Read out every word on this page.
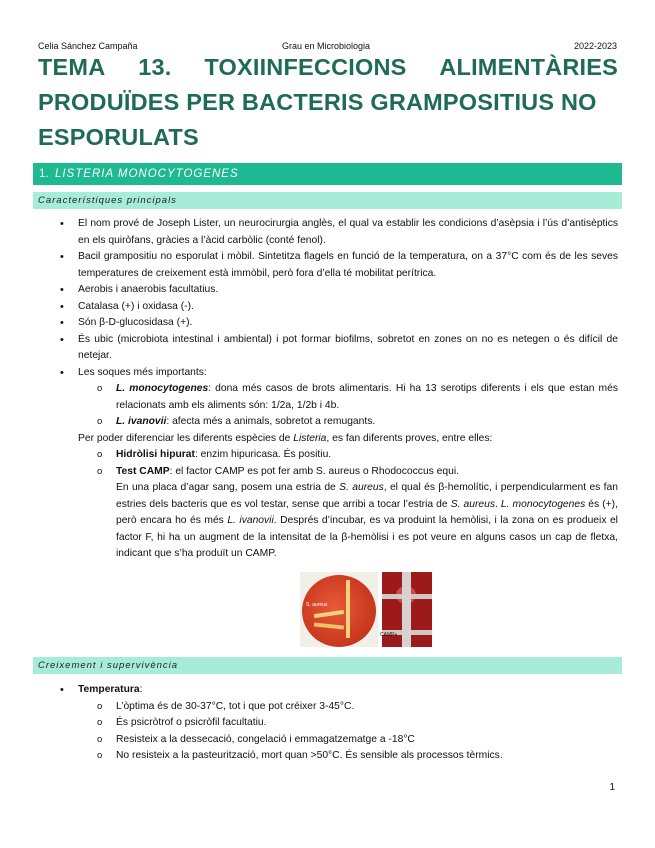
Celia Sánchez Campaña	Grau en Microbiologia	2022-2023
TEMA 13. TOXIINFECCIONS ALIMENTÀRIES
PRODUÏDES PER BACTERIS GRAMPOSITIUS NO
ESPORULATS
1. LISTERIA MONOCYTOGENES
Característiques principals
• El nom prové de Joseph Lister, un neurocirurgia anglès, el qual va establir les condicions d’asèpsia i l’ús d’antisèptics en els quiròfans, gràcies a l’àcid carbòlic (conté fenol).
• Bacil grampositiu no esporulat i mòbil. Sintetitza flagels en funció de la temperatura, on a 37°C com és de les seves temperatures de creixement està immòbil, però fora d’ella té mobilitat perítrica.
• Aerobis i anaerobis facultatius.
• Catalasa (+) i oxidasa (-).
• Són β-D-glucosidasa (+).
• És ubic (microbiota intestinal i ambiental) i pot formar biofilms, sobretot en zones on no es netegen o és difícil de netejar.
• Les soques més importants:
o L. monocytogenes: dona més casos de brots alimentaris. Hi ha 13 serotips diferents i els que estan més relacionats amb els aliments són: 1/2a, 1/2b i 4b.
o L. ivanovii: afecta més a animals, sobretot a remugants.
Per poder diferenciar les diferents espècies de Listeria, es fan diferents proves, entre elles:
o Hidròlisi hipurat: enzim hipuricasa. És positiu.
o Test CAMP: el factor CAMP es pot fer amb S. aureus o Rhodococcus equi.
En una placa d’agar sang, posem una estria de S. aureus, el qual és β-hemolític, i perpendicularment es fan estries dels bacteris que es vol testar, sense que arribi a tocar l’estria de S. aureus. L. monocytogenes és (+), però encara ho és més L. ivanovii. Després d’incubar, es va produint la hemòlisi, i la zona on es produeix el factor F, hi ha un augment de la intensitat de la β-hemòlisi i es pot veure en alguns casos un cap de fletxa, indicant que s’ha produït un CAMP.
S. aureus
CAMP+
Creixement i supervivència
• Temperatura:
o L’òptima és de 30-37°C, tot i que pot créixer 3-45°C.
o És psicròtrof o psicròfil facultatiu.
o Resisteix a la dessecació, congelació i emmagatzematge a -18°C
o No resisteix a la pasteurització, mort quan >50°C. És sensible als processos tèrmics.
1
